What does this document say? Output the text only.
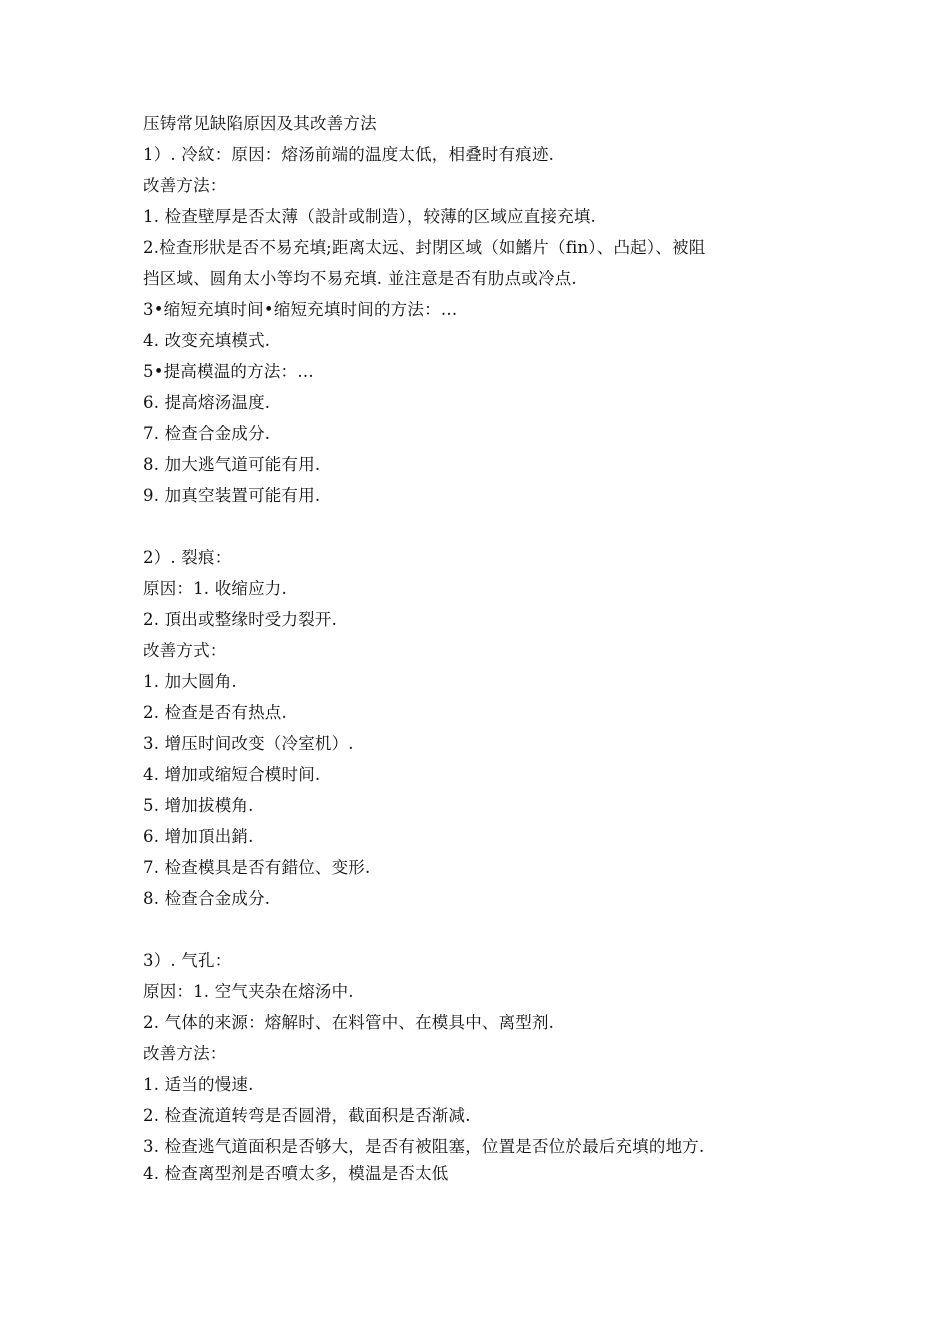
压铸常见缺陷原因及其改善方法
1）. 冷紋：原因：熔汤前端的温度太低，相叠时有痕迹.
改善方法：
1. 检查壁厚是否太薄（設計或制造），较薄的区域应直接充填.
2.检查形狀是否不易充填;距离太远、封閉区域（如鰭片（fin）、凸起）、被阻
挡区域、圆角太小等均不易充填. 並注意是否有肋点或冷点.
3•缩短充填时间•缩短充填时间的方法：…
4. 改变充填模式.
5•提高模温的方法：…
6. 提高熔汤温度.
7. 检查合金成分.
8. 加大逃气道可能有用.
9. 加真空装置可能有用.
2）. 裂痕：
原因：1. 收缩应力.
2. 頂出或整缘时受力裂开.
改善方式：
1. 加大圆角.
2. 检查是否有热点.
3. 增压时间改变（冷室机）.
4. 增加或缩短合模时间.
5. 增加拔模角.
6. 增加頂出銷.
7. 检查模具是否有錯位、变形.
8. 检查合金成分.
3）. 气孔：
原因：1. 空气夹杂在熔汤中.
2. 气体的来源：熔解时、在料管中、在模具中、离型剂.
改善方法：
1. 适当的慢速.
2. 检查流道转弯是否圆滑，截面积是否渐减.
3. 检查逃气道面积是否够大，是否有被阻塞，位置是否位於最后充填的地方.
4. 检查离型剂是否噴太多，模温是否太低
